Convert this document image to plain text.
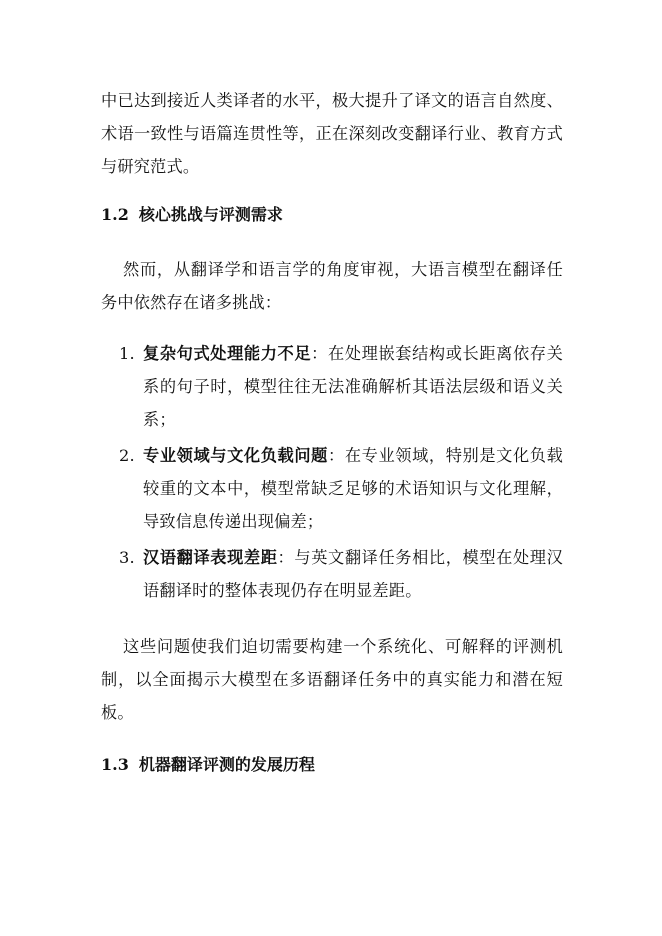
中已达到接近人类译者的水平，极大提升了译文的语言自然度、术语一致性与语篇连贯性等，正在深刻改变翻译行业、教育方式与研究范式。

1.2 核心挑战与评测需求

然而，从翻译学和语言学的角度审视，大语言模型在翻译任务中依然存在诸多挑战：

1. 复杂句式处理能力不足：在处理嵌套结构或长距离依存关系的句子时，模型往往无法准确解析其语法层级和语义关系；
2. 专业领域与文化负载问题：在专业领域，特别是文化负载较重的文本中，模型常缺乏足够的术语知识与文化理解，导致信息传递出现偏差；
3. 汉语翻译表现差距：与英文翻译任务相比，模型在处理汉语翻译时的整体表现仍存在明显差距。

这些问题使我们迫切需要构建一个系统化、可解释的评测机制，以全面揭示大模型在多语翻译任务中的真实能力和潜在短板。

1.3 机器翻译评测的发展历程
